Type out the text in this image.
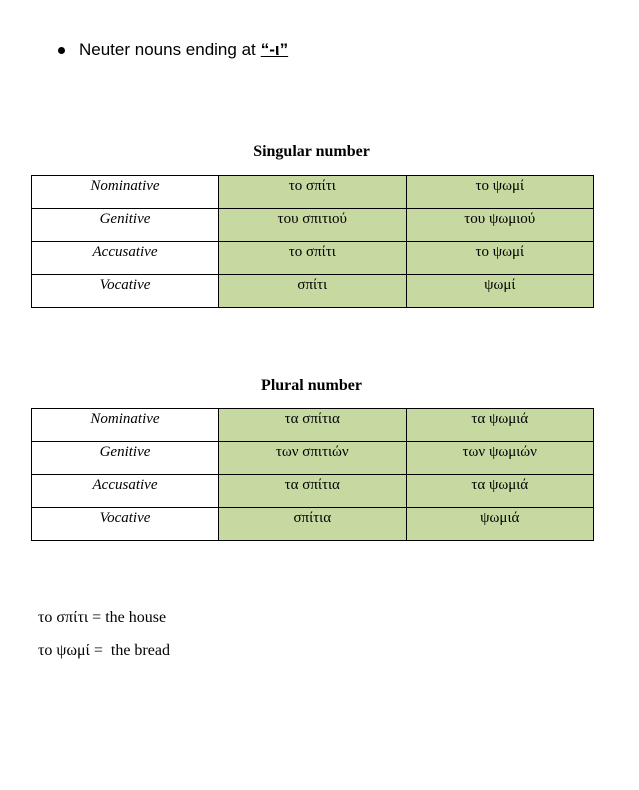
Neuter nouns ending at “-ι”
Singular number
Nominative	το σπίτι	το ψωμί
Genitive	του σπιτιού	του ψωμιού
Accusative	το σπίτι	το ψωμί
Vocative	σπίτι	ψωμί
Plural number
Nominative	τα σπίτια	τα ψωμιά
Genitive	των σπιτιών	των ψωμιών
Accusative	τα σπίτια	τα ψωμιά
Vocative	σπίτια	ψωμιά
το σπίτι = the house
το ψωμί =  the bread
